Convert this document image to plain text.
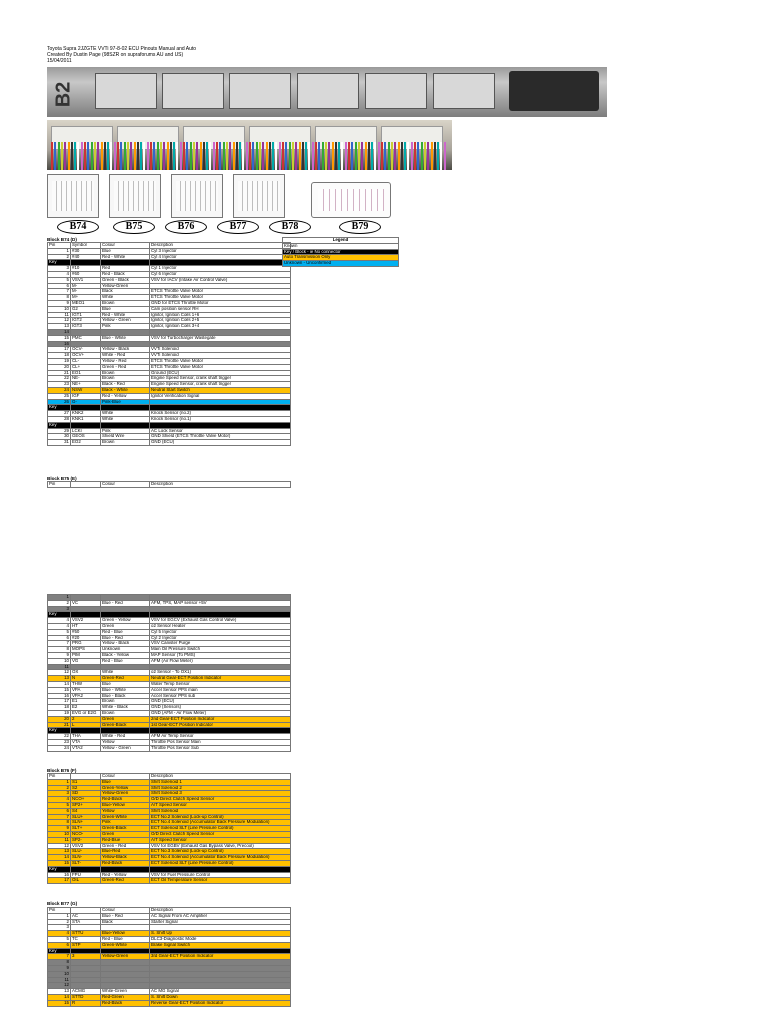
Toyota Supra 2JZGTE VVTi 97-8-02 ECU Pinouts Manual and Auto
Created By Dustin Page (98SZR on supraforums AU and US)
15/04/2011
B2
B74	B75	B76	B77	B78	B79
Block B74 (D)
Pin	Symbol	Colour	Description
1	#30	Blue	Cyl 3 Injector
2	#40	Red - White	Cyl 4 Injector
Key			
3	#10	Red	Cyl 1 Injector
4	#60	Red - Black	Cyl 6 Injector
5	VSV1	Green - Black	VSV for IACV (Intake Air Control Valve)
6	M-	Yellow-Green	
7	M-	Black	ETCS Throttle Valve Motor
8	M+	White	ETCS Throttle Valve Motor
9	MEO1	Brown	GND for ETCS Throttle Motor
10	G2	Blue	Cam position sensor RH
11	IGT1	Red - White	Ignitor, Ignition Coils 1+6
12	IGT2	Yellow - Green	Ignitor, Ignition Coils 2+5
13	IGT3	Pink	Ignitor, Ignition Coils 3+4
14			
15	PMC	Blue - White	VSV for Turbocharger Wastegate
16			
17	OCV-	Yellow - Black	VVTi Solenoid
18	OCV+	White - Red	VVTi Solenoid
19	CL-	Yellow - Red	ETCS Throttle Valve Motor
20	CL+	Green - Red	ETCS Throttle Valve Motor
21	EO1	Brown	Ground (ECU)
22	NE-	Brown	Engine Speed Sensor, crank shaft trigger
23	NE+	Black - Red	Engine Speed Sensor, crank shaft trigger
24	NSW	Black - White	Neutral Start Switch
25	IGF	Red - Yellow	Ignitor Verification Signal
26	G-	Pink-Blue	
Key			
27	KNK2	White	Knock Sensor (no.2)
28	KNK1	White	Knock Sensor (no.1)
Key			
29	LCKI	Pink	AC Lock Sensor
30	GEOS	Shield Wire	GND Shield (ETCS Throttle Valve Motor)
31	EO2	Brown	GND (ECU)
Legend
Known
Key / Block - ie No connector
Auto Transmission Only
Unknown - Unconfirmed
Block B75 (E)
Pin		Colour	Description
1			
2	VC	Blue - Red	AFM, TPS, MAP sensor +5V
3			
Key			
4	VSV2	Green - Yellow	VSV for EGCV (Exhaust Gas Control Valve)
4	HT	Green	o2 Sensor Heater
5	#50	Red - Blue	Cyl 5 Injector
6	#20	Blue - Red	Cyl 2 Injector
7	PRG	Yellow - Black	VSV Canister Purge
8	MOPS	Unknown	Main Oil Pressure Switch
9	PIM	Black - Yellow	MAP Sensor (To PMS)
10	VG	Red - Blue	AFM (Air Flow Meter)
11			
12	OX	White	o2 Sensor - To OX1)
13	N	Green-Red	Neutral Gear-ECT Position Indicator
14	THW	Blue	Water Temp Sensor
15	VPA	Blue - White	Accel Sensor PPS main
16	VPA2	Blue - Black	Accel Sensor PPS sub
17	E1	Brown	GND (ECU)
18	E2	White - Black	GND (Sensors)
19	EVG or E2G	Brown	GND (AFM - Air Flow Meter)
20	2	Green	2nd Gear-ECT Position Indicator
21	L	Green-Black	1st Gear-ECT Position Indicator
Key			
22	THA	White - Red	AFM Air Temp Sensor
23	VTA	Yellow	Throttle Pos Sensor Main
24	VTA2	Yellow - Green	Throttle Pos Sensor Sub
Block B76 (F)
Pin		Colour	Description
1	S1	Blue	Shift Solenoid 1
2	S2	Green-Yellow	Shift Solenoid 2
3	SD	Yellow-Green	Shift Solenoid 3
4	NCO+	Red-Black	O/D Direct Clutch Speed Sensor
5	SP2+	Blue-Yellow	A/T Speed Sensor
6	S4	Yellow	Shift Solenoid
7	SLU+	Green-White	ECT No.2 Solenoid (Lock-up Control)
8	SLN+	Pink	ECT No.4 Solenoid (Accumulator Back Pressure Modulation)
9	SLT+	Green-Black	ECT Solenoid SLT (Line Pressure Control)
10	NCO-	Green	O/D Direct Clutch Speed Sensor
11	SP2-	Red-Blue	A/T Speed Sensor
12	VSV2	Green - Red	VSV for EGBV (Exhaust Gas Bypass Valve, Precool)
13	SLU-	Blue-Red	ECT No.3 Solenoid (Lock-up Control)
14	SLN-	Yellow-Black	ECT No.4 Solenoid (Accumulator Back Pressure Modulation)
15	SLT-	Red-Black	ECT Solenoid SLT (Line Pressure Control)
Key			
16	FPU	Red - Yellow	VSV for Fuel Pressure Control
17	OIL	Green-Red	ECT Oil Temperature Sensor
Block B77 (G)
Pin		Colour	Description
1	AC	Blue - Red	AC Signal From AC Amplifier
2	STA	Black	Starter Signal
3			
4	STTU	Blue-Yellow	S. Shift Up
5	TC	Red - Blue	DLC3-Diagnostic Mode
6	STP	Green-White	Brake Signal Switch
Key			
7	3	Yellow-Green	3rd Gear-ECT Position Indicator
8			
9			
10			
11			
12			
13	ACMG	White-Green	AC MG Signal
14	STTD	Red-Green	S. Shift Down
15	R	Red-Black	Reverse Gear-ECT Position Indicator
